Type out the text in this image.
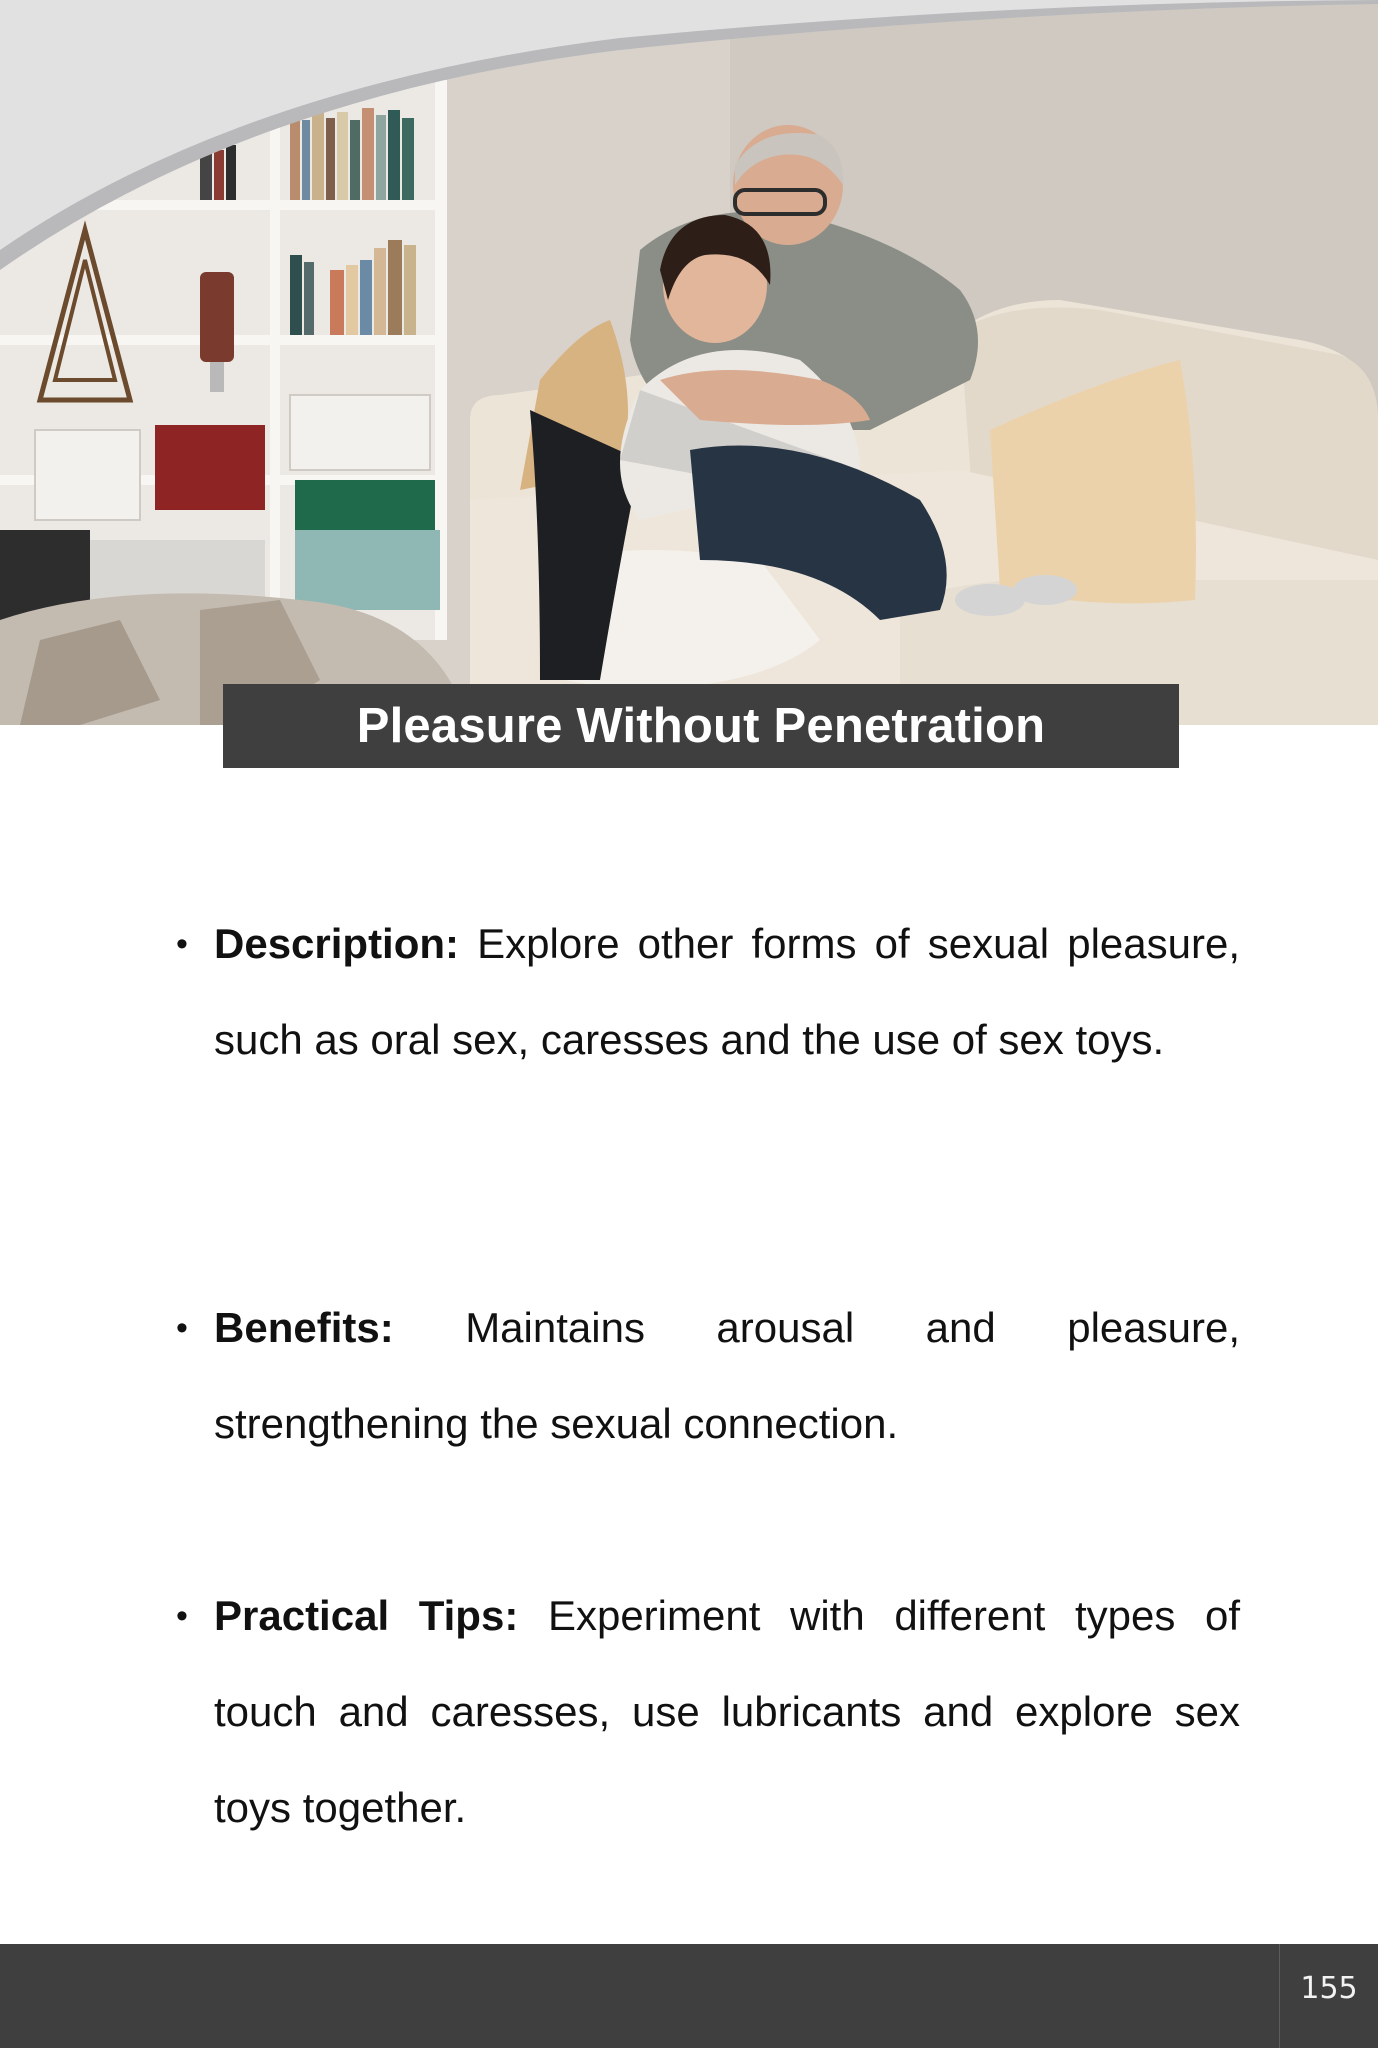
Pleasure Without Penetration
• Description: Explore other forms of sexual pleasure, such as oral sex, caresses and the use of sex toys.
• Benefits: Maintains arousal and pleasure, strengthening the sexual connection.
• Practical Tips: Experiment with different types of touch and caresses, use lubricants and explore sex toys together.
155
